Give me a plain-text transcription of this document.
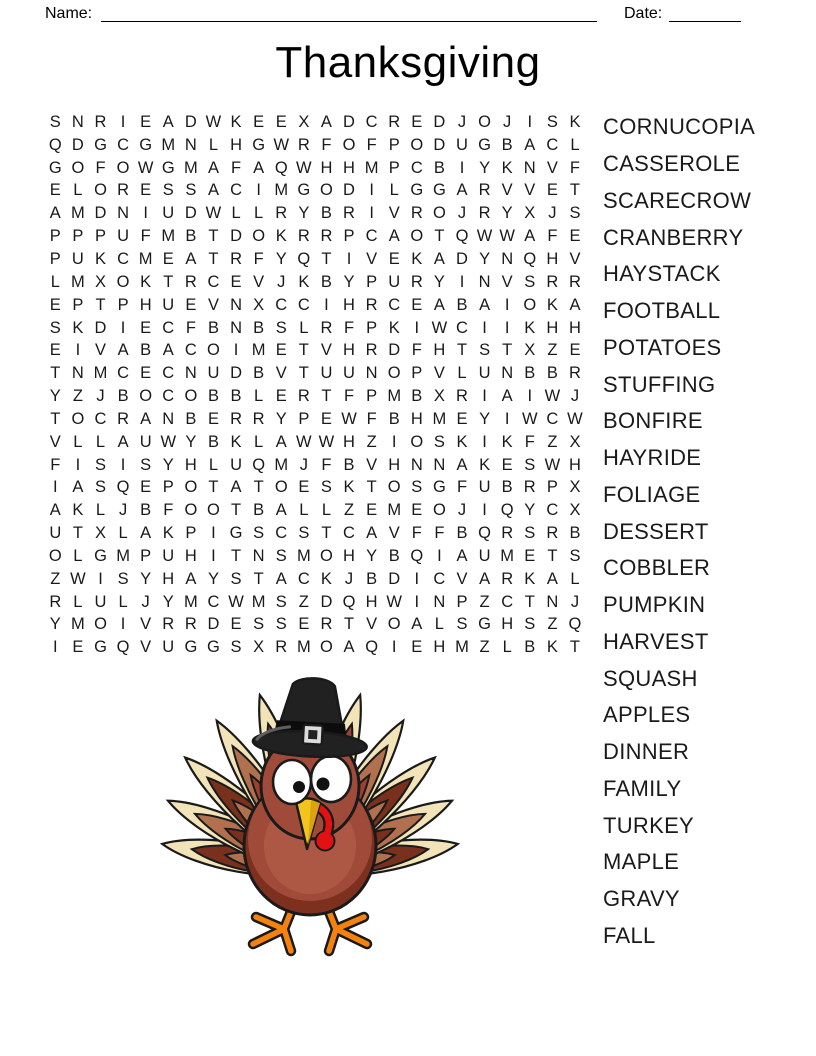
Name:	Date:
Thanksgiving
S N R I E A D W K E E X A D C R E D J O J I S K
Q D G C G M N L H G W R F O F P O D U G B A C L
G O F O W G M A F A Q W H H M P C B I Y K N V F
E L O R E S S A C I M G O D I L G G A R V V E T
A M D N I U D W L L R Y B R I V R O J R Y X J S
P P P U F M B T D O K R R P C A O T Q W W A F E
P U K C M E A T R F Y Q T I V E K A D Y N Q H V
L M X O K T R C E V J K B Y P U R Y I N V S R R
E P T P H U E V N X C C I H R C E A B A I O K A
S K D I E C F B N B S L R F P K I W C I	I K H H
E I V A B A C O I M E T V H R D F H T S T X Z E
T N M C E C N U D B V T U U N O P V L U N B B R
Y Z J B O C O B B L E R T F P M B X R I A I W J
T O C R A N B E R R Y P E W F B H M E Y I W C W
V L L A U W Y B K L A W W H Z I O S K I K F Z X
F I S I S Y H L U Q M J F B V H N N A K E S W H
I A S Q E P O T A T O E S K T O S G F U B R P X
A K L J B F O O T B A L L Z E M E O J I Q Y C X
U T X L A K P I G S C S T C A V F F B Q R S R B
O L G M P U H I T N S M O H Y B Q I A U M E T S
Z W I S Y H A Y S T A C K J B D I C V A R K A L
R L U L J Y M C W M S Z D Q H W I N P Z C T N J
Y M O I V R R D E S S E R T V O A L S G H S Z Q
I E G Q V U G G S X R M O A Q I E H M Z L B K T
CORNUCOPIA
CASSEROLE
SCARECROW
CRANBERRY
HAYSTACK
FOOTBALL
POTATOES
STUFFING
BONFIRE
HAYRIDE
FOLIAGE
DESSERT
COBBLER
PUMPKIN
HARVEST
SQUASH
APPLES
DINNER
FAMILY
TURKEY
MAPLE
GRAVY
FALL
